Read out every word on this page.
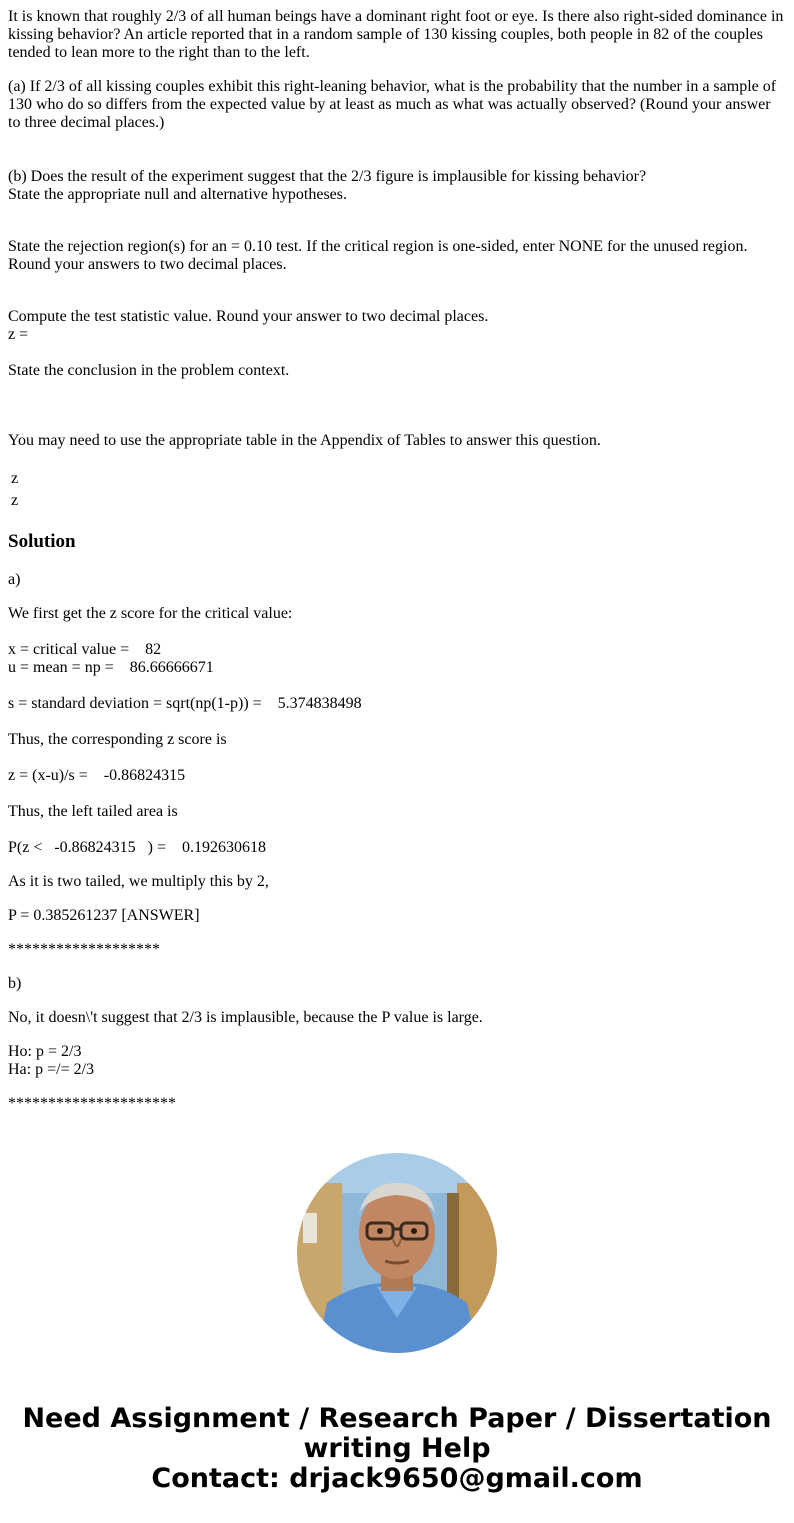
It is known that roughly 2/3 of all human beings have a dominant right foot or eye. Is there also right-sided dominance in kissing behavior? An article reported that in a random sample of 130 kissing couples, both people in 82 of the couples tended to lean more to the right than to the left.
(a) If 2/3 of all kissing couples exhibit this right-leaning behavior, what is the probability that the number in a sample of 130 who do so differs from the expected value by at least as much as what was actually observed? (Round your answer to three decimal places.)
(b) Does the result of the experiment suggest that the 2/3 figure is implausible for kissing behavior?
State the appropriate null and alternative hypotheses.
State the rejection region(s) for an = 0.10 test. If the critical region is one-sided, enter NONE for the unused region.
Round your answers to two decimal places.
Compute the test statistic value. Round your answer to two decimal places.
z =
State the conclusion in the problem context.
You may need to use the appropriate table in the Appendix of Tables to answer this question.
z
z
Solution
a)
We first get the z score for the critical value:
x = critical value =    82
u = mean = np =    86.66666671
s = standard deviation = sqrt(np(1-p)) =    5.374838498
Thus, the corresponding z score is
z = (x-u)/s =    -0.86824315
Thus, the left tailed area is
P(z <   -0.86824315   ) =    0.192630618
As it is two tailed, we multiply this by 2,
P = 0.385261237 [ANSWER]
*******************
b)
No, it doesn\'t suggest that 2/3 is implausible, because the P value is large.
Ho: p = 2/3
Ha: p =/= 2/3
*********************
Need Assignment / Research Paper / Dissertation
writing Help
Contact: drjack9650@gmail.com
